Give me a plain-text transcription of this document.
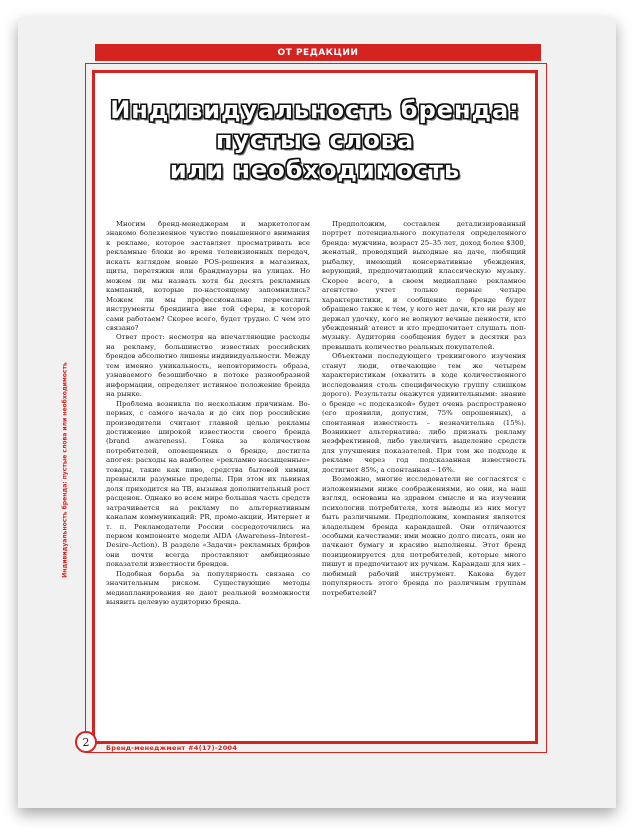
ОТ РЕДАКЦИИ
Индивидуальность бренда:
пустые слова
или необходимость
Индивидуальность бренда: пустые слова или необходимость

Многим бренд-менеджерам и маркетологам знакомо болезненное чувство повышенного внимания к рекламе, которое заставляет просматривать все рекламные блоки во время телевизионных передач, искать взглядом новые POS-решения в магазинах, щиты, перетяжки или брандмауэры на улицах. Но можем ли мы назвать хотя бы десять рекламных кампаний, которые по-настоящему запомнились? Можем ли мы профессионально перечислить инструменты брендинга вне той сферы, в которой сами работаем? Скорее всего, будет трудно. С чем это связано?

Ответ прост: несмотря на впечатляющие расходы на рекламу, большинство известных российских брендов абсолютно лишены индивидуальности. Между тем именно уникальность, неповторимость образа, узнаваемого безошибочно в потоке разнообразной информации, определяет истинное положение бренда на рынке.

Проблема возникла по нескольким причинам. Во-первых, с самого начала и до сих пор российские производители считают главной целью рекламы достижение широкой известности своего бренда (brand awareness). Гонка за количеством потребителей, оповещенных о бренде, достигла апогея: расходы на наиболее «рекламно насыщенные» товары, такие как пиво, средства бытовой химии, превысили разумные пределы. При этом их львиная доля приходится на ТВ, вызывая дополнительный рост расценок. Однако во всем мире большая часть средств затрачивается на рекламу по альтернативным каналам коммуникаций: PR, промо-акции, Интернет и т. п. Рекламодатели России сосредоточились на первом компоненте модели AIDA (Awareness–Interest–Desire–Action). В разделе «Задачи» рекламных брифов они почти всегда проставляют амбициозные показатели известности брендов.

Подобная борьба за популярность связана со значительным риском. Существующие методы медиапланирования не дают реальной возможности выявить целевую аудиторию бренда.

Предположим, составлен детализированный портрет потенциального покупателя определенного бренда: мужчина, возраст 25–35 лет, доход более $300, женатый, проводящий выходные на даче, любящий рыбалку, имеющий консервативные убеждения, верующий, предпочитающий классическую музыку. Скорее всего, в своем медиаплане рекламное агентство учтет только первые четыре характеристики, и сообщение о бренде будет обращено также к тем, у кого нет дачи, кто ни разу не держал удочку, кого не волнуют вечные ценности, кто убежденный атеист и кто предпочитает слушать поп-музыку. Аудитория сообщения будет в десятки раз превышать количество реальных покупателей.

Объектами последующего трекингового изучения станут люди, отвечающие тем же четырем характеристикам (охватить в ходе количественного исследования столь специфическую группу слишком дорого). Результаты окажутся удивительными: знание о бренде «с подсказкой» будет очень распространено (его проявили, допустим, 75% опрошенных), а спонтанная известность – незначительна (15%). Возникнет альтернатива: либо признать рекламу неэффективной, либо увеличить выделение средств для улучшения показателей. При том же подходе к рекламе через год подсказанная известность достигнет 85%, а спонтанная – 16%.

Возможно, многие исследователи не согласятся с изложенными ниже соображениями, но они, на наш взгляд, основаны на здравом смысле и на изучении психологии потребителя, хотя выводы из них могут быть различными. Предположим, компания является владельцем бренда карандашей. Они отличаются особыми качествами: ими можно долго писать, они не пачкают бумагу и красиво выполнены. Этот бренд позиционируется для потребителей, которые много пишут и предпочитают их ручкам. Карандаш для них – любимый рабочий инструмент. Какова будет популярность этого бренда по различным группам потребителей?

2	Бренд-менеджмент #4(17)-2004
